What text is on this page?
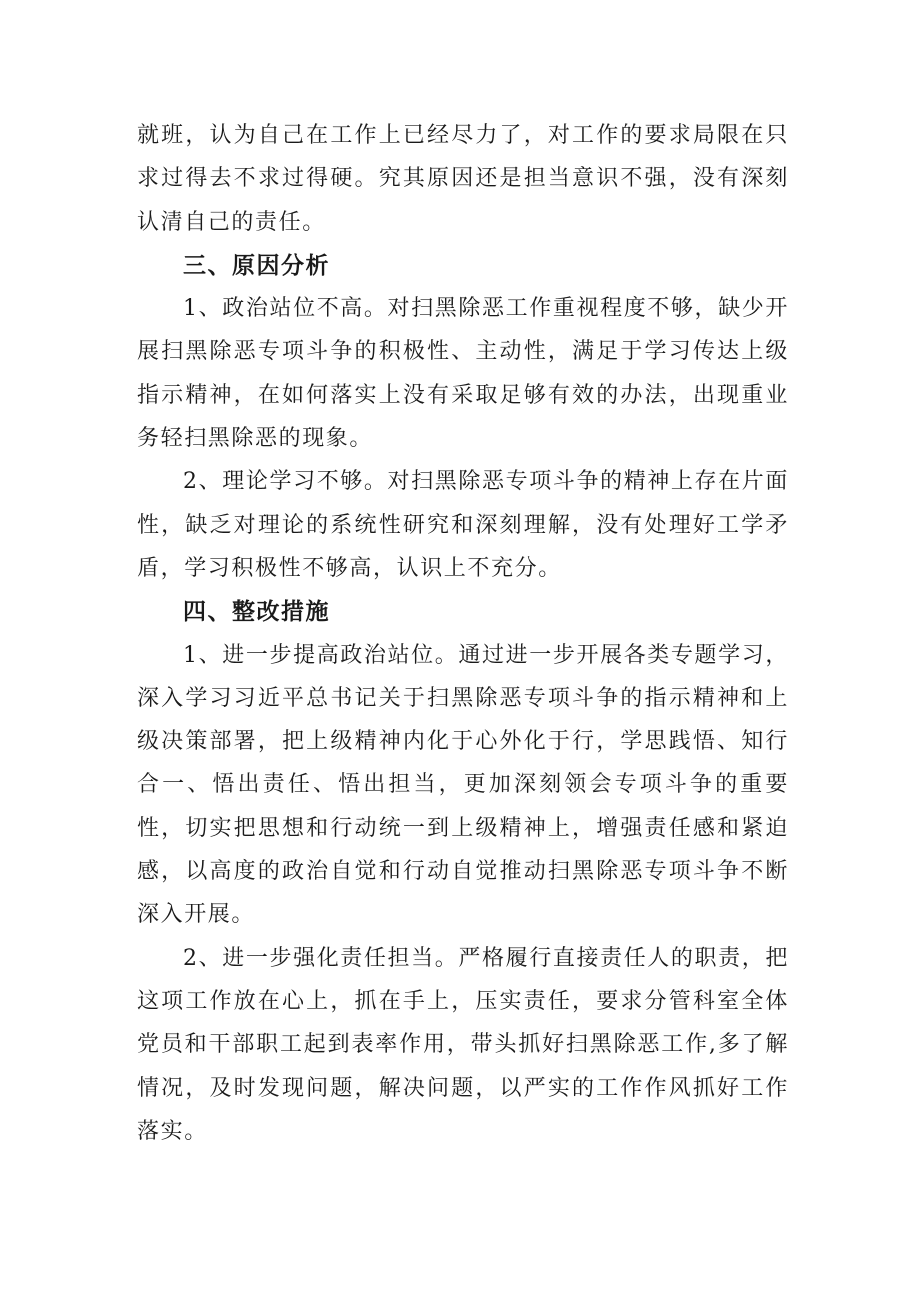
就班，认为自己在工作上已经尽力了，对工作的要求局限在只求过得去不求过得硬。究其原因还是担当意识不强，没有深刻认清自己的责任。

三、原因分析

1、政治站位不高。对扫黑除恶工作重视程度不够，缺少开展扫黑除恶专项斗争的积极性、主动性，满足于学习传达上级指示精神，在如何落实上没有采取足够有效的办法，出现重业务轻扫黑除恶的现象。

2、理论学习不够。对扫黑除恶专项斗争的精神上存在片面性，缺乏对理论的系统性研究和深刻理解，没有处理好工学矛盾，学习积极性不够高，认识上不充分。

四、整改措施

1、进一步提高政治站位。通过进一步开展各类专题学习，深入学习习近平总书记关于扫黑除恶专项斗争的指示精神和上级决策部署，把上级精神内化于心外化于行，学思践悟、知行合一、悟出责任、悟出担当，更加深刻领会专项斗争的重要性，切实把思想和行动统一到上级精神上，增强责任感和紧迫感，以高度的政治自觉和行动自觉推动扫黑除恶专项斗争不断深入开展。

2、进一步强化责任担当。严格履行直接责任人的职责，把这项工作放在心上，抓在手上，压实责任，要求分管科室全体党员和干部职工起到表率作用，带头抓好扫黑除恶工作,多了解情况，及时发现问题，解决问题，以严实的工作作风抓好工作落实。
